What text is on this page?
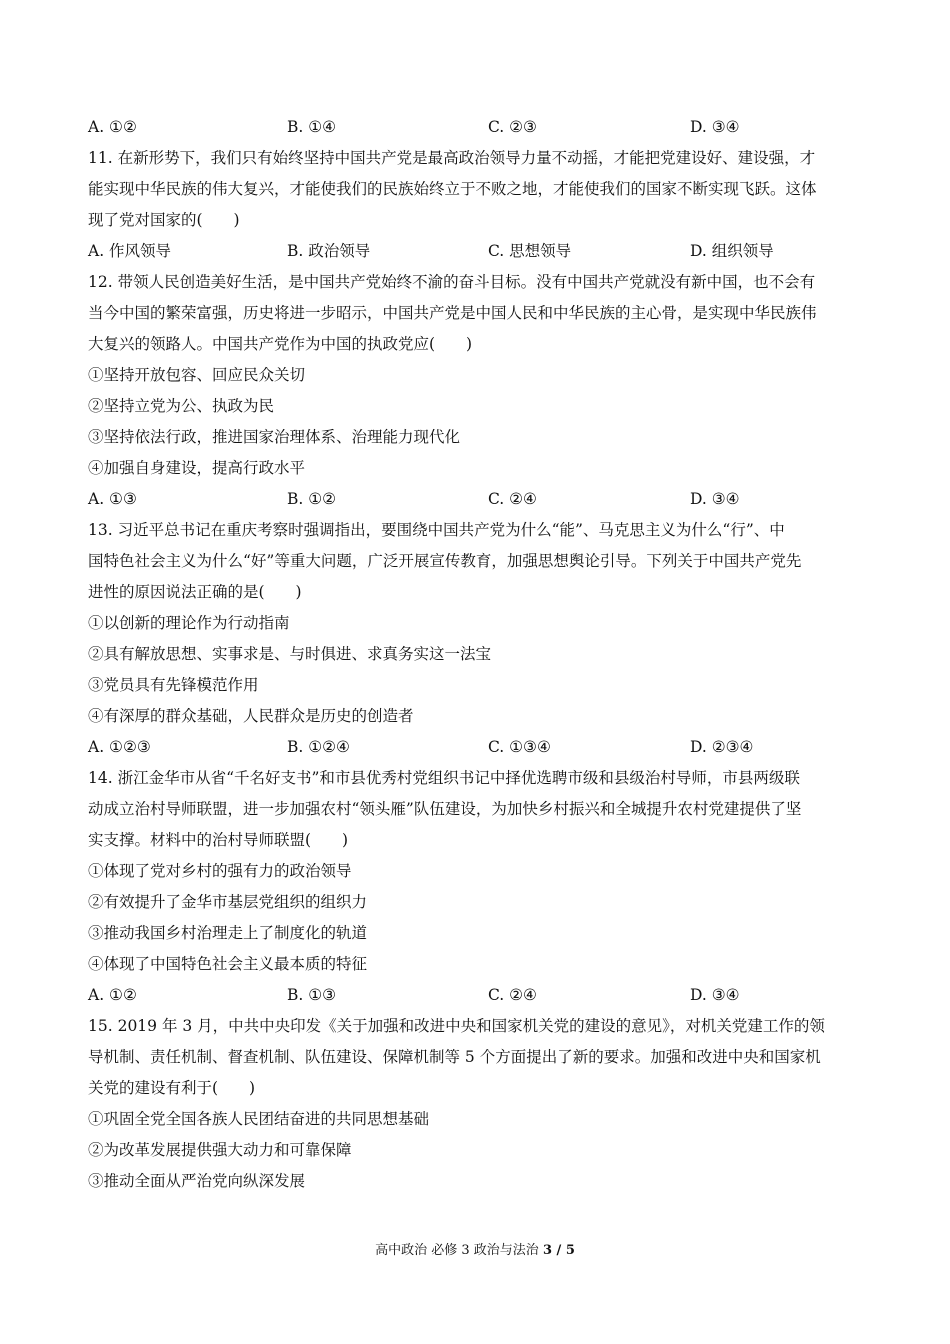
A. ①②	B. ①④	C. ②③	D. ③④
11. 在新形势下，我们只有始终坚持中国共产党是最高政治领导力量不动摇，才能把党建设好、建设强，才
能实现中华民族的伟大复兴，才能使我们的民族始终立于不败之地，才能使我们的国家不断实现飞跃。这体
现了党对国家的(　　)
A. 作风领导	B. 政治领导	C. 思想领导	D. 组织领导
12. 带领人民创造美好生活，是中国共产党始终不渝的奋斗目标。没有中国共产党就没有新中国，也不会有
当今中国的繁荣富强，历史将进一步昭示，中国共产党是中国人民和中华民族的主心骨，是实现中华民族伟
大复兴的领路人。中国共产党作为中国的执政党应(　　)
①坚持开放包容、回应民众关切
②坚持立党为公、执政为民
③坚持依法行政，推进国家治理体系、治理能力现代化
④加强自身建设，提高行政水平
A. ①③	B. ①②	C. ②④	D. ③④
13. 习近平总书记在重庆考察时强调指出，要围绕中国共产党为什么“能”、马克思主义为什么“行”、中
国特色社会主义为什么“好”等重大问题，广泛开展宣传教育，加强思想舆论引导。下列关于中国共产党先
进性的原因说法正确的是(　　)
①以创新的理论作为行动指南
②具有解放思想、实事求是、与时俱进、求真务实这一法宝
③党员具有先锋模范作用
④有深厚的群众基础，人民群众是历史的创造者
A. ①②③	B. ①②④	C. ①③④	D. ②③④
14. 浙江金华市从省“千名好支书”和市县优秀村党组织书记中择优选聘市级和县级治村导师，市县两级联
动成立治村导师联盟，进一步加强农村“领头雁”队伍建设，为加快乡村振兴和全城提升农村党建提供了坚
实支撑。材料中的治村导师联盟(　　)
①体现了党对乡村的强有力的政治领导
②有效提升了金华市基层党组织的组织力
③推动我国乡村治理走上了制度化的轨道
④体现了中国特色社会主义最本质的特征
A. ①②	B. ①③	C. ②④	D. ③④
15. 2019 年 3 月，中共中央印发《关于加强和改进中央和国家机关党的建设的意见》，对机关党建工作的领
导机制、责任机制、督查机制、队伍建设、保障机制等 5 个方面提出了新的要求。加强和改进中央和国家机
关党的建设有利于(　　)
①巩固全党全国各族人民团结奋进的共同思想基础
②为改革发展提供强大动力和可靠保障
③推动全面从严治党向纵深发展
高中政治 必修 3 政治与法治 3 / 5
